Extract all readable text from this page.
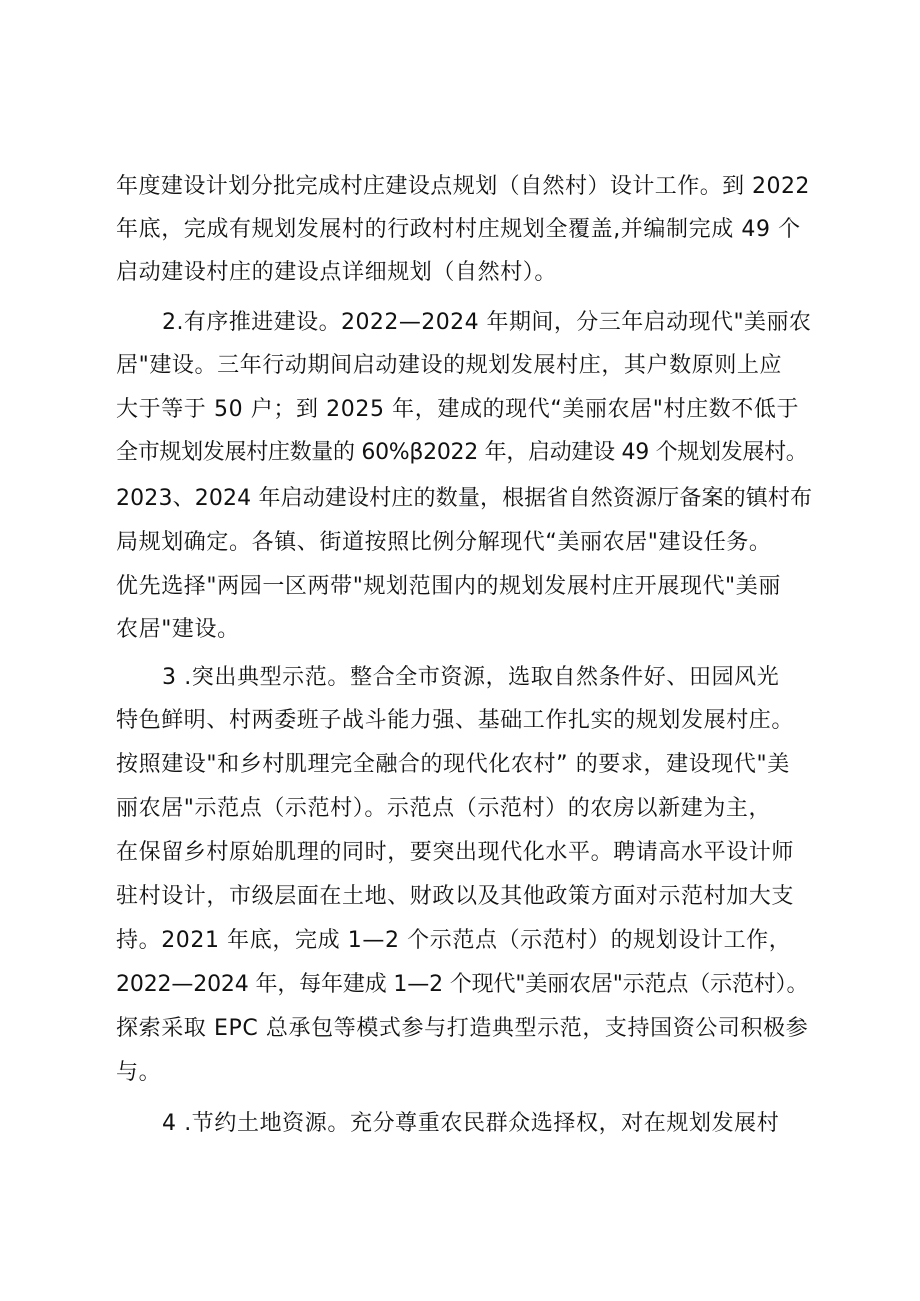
年度建设计划分批完成村庄建设点规划（自然村）设计工作。到 2022
年底，完成有规划发展村的行政村村庄规划全覆盖,并编制完成 49 个
启动建设村庄的建设点详细规划（自然村）。
2.有序推进建设。2022—2024 年期间，分三年启动现代"美丽农
居"建设。三年行动期间启动建设的规划发展村庄，其户数原则上应
大于等于 50 户；到 2025 年，建成的现代“美丽农居"村庄数不低于
全市规划发展村庄数量的 60%β2022 年，启动建设 49 个规划发展村。
2023、2024 年启动建设村庄的数量，根据省自然资源厅备案的镇村布
局规划确定。各镇、街道按照比例分解现代“美丽农居"建设任务。
优先选择"两园一区两带"规划范围内的规划发展村庄开展现代"美丽
农居"建设。
3 .突出典型示范。整合全市资源，选取自然条件好、田园风光
特色鲜明、村两委班子战斗能力强、基础工作扎实的规划发展村庄。
按照建设"和乡村肌理完全融合的现代化农村” 的要求，建设现代"美
丽农居"示范点（示范村）。示范点（示范村）的农房以新建为主，
在保留乡村原始肌理的同时，要突出现代化水平。聘请高水平设计师
驻村设计，市级层面在土地、财政以及其他政策方面对示范村加大支
持。2021 年底，完成 1—2 个示范点（示范村）的规划设计工作，
2022—2024 年，每年建成 1—2 个现代"美丽农居"示范点（示范村）。
探索采取 EPC 总承包等模式参与打造典型示范，支持国资公司积极参
与。
4 .节约土地资源。充分尊重农民群众选择权，对在规划发展村
